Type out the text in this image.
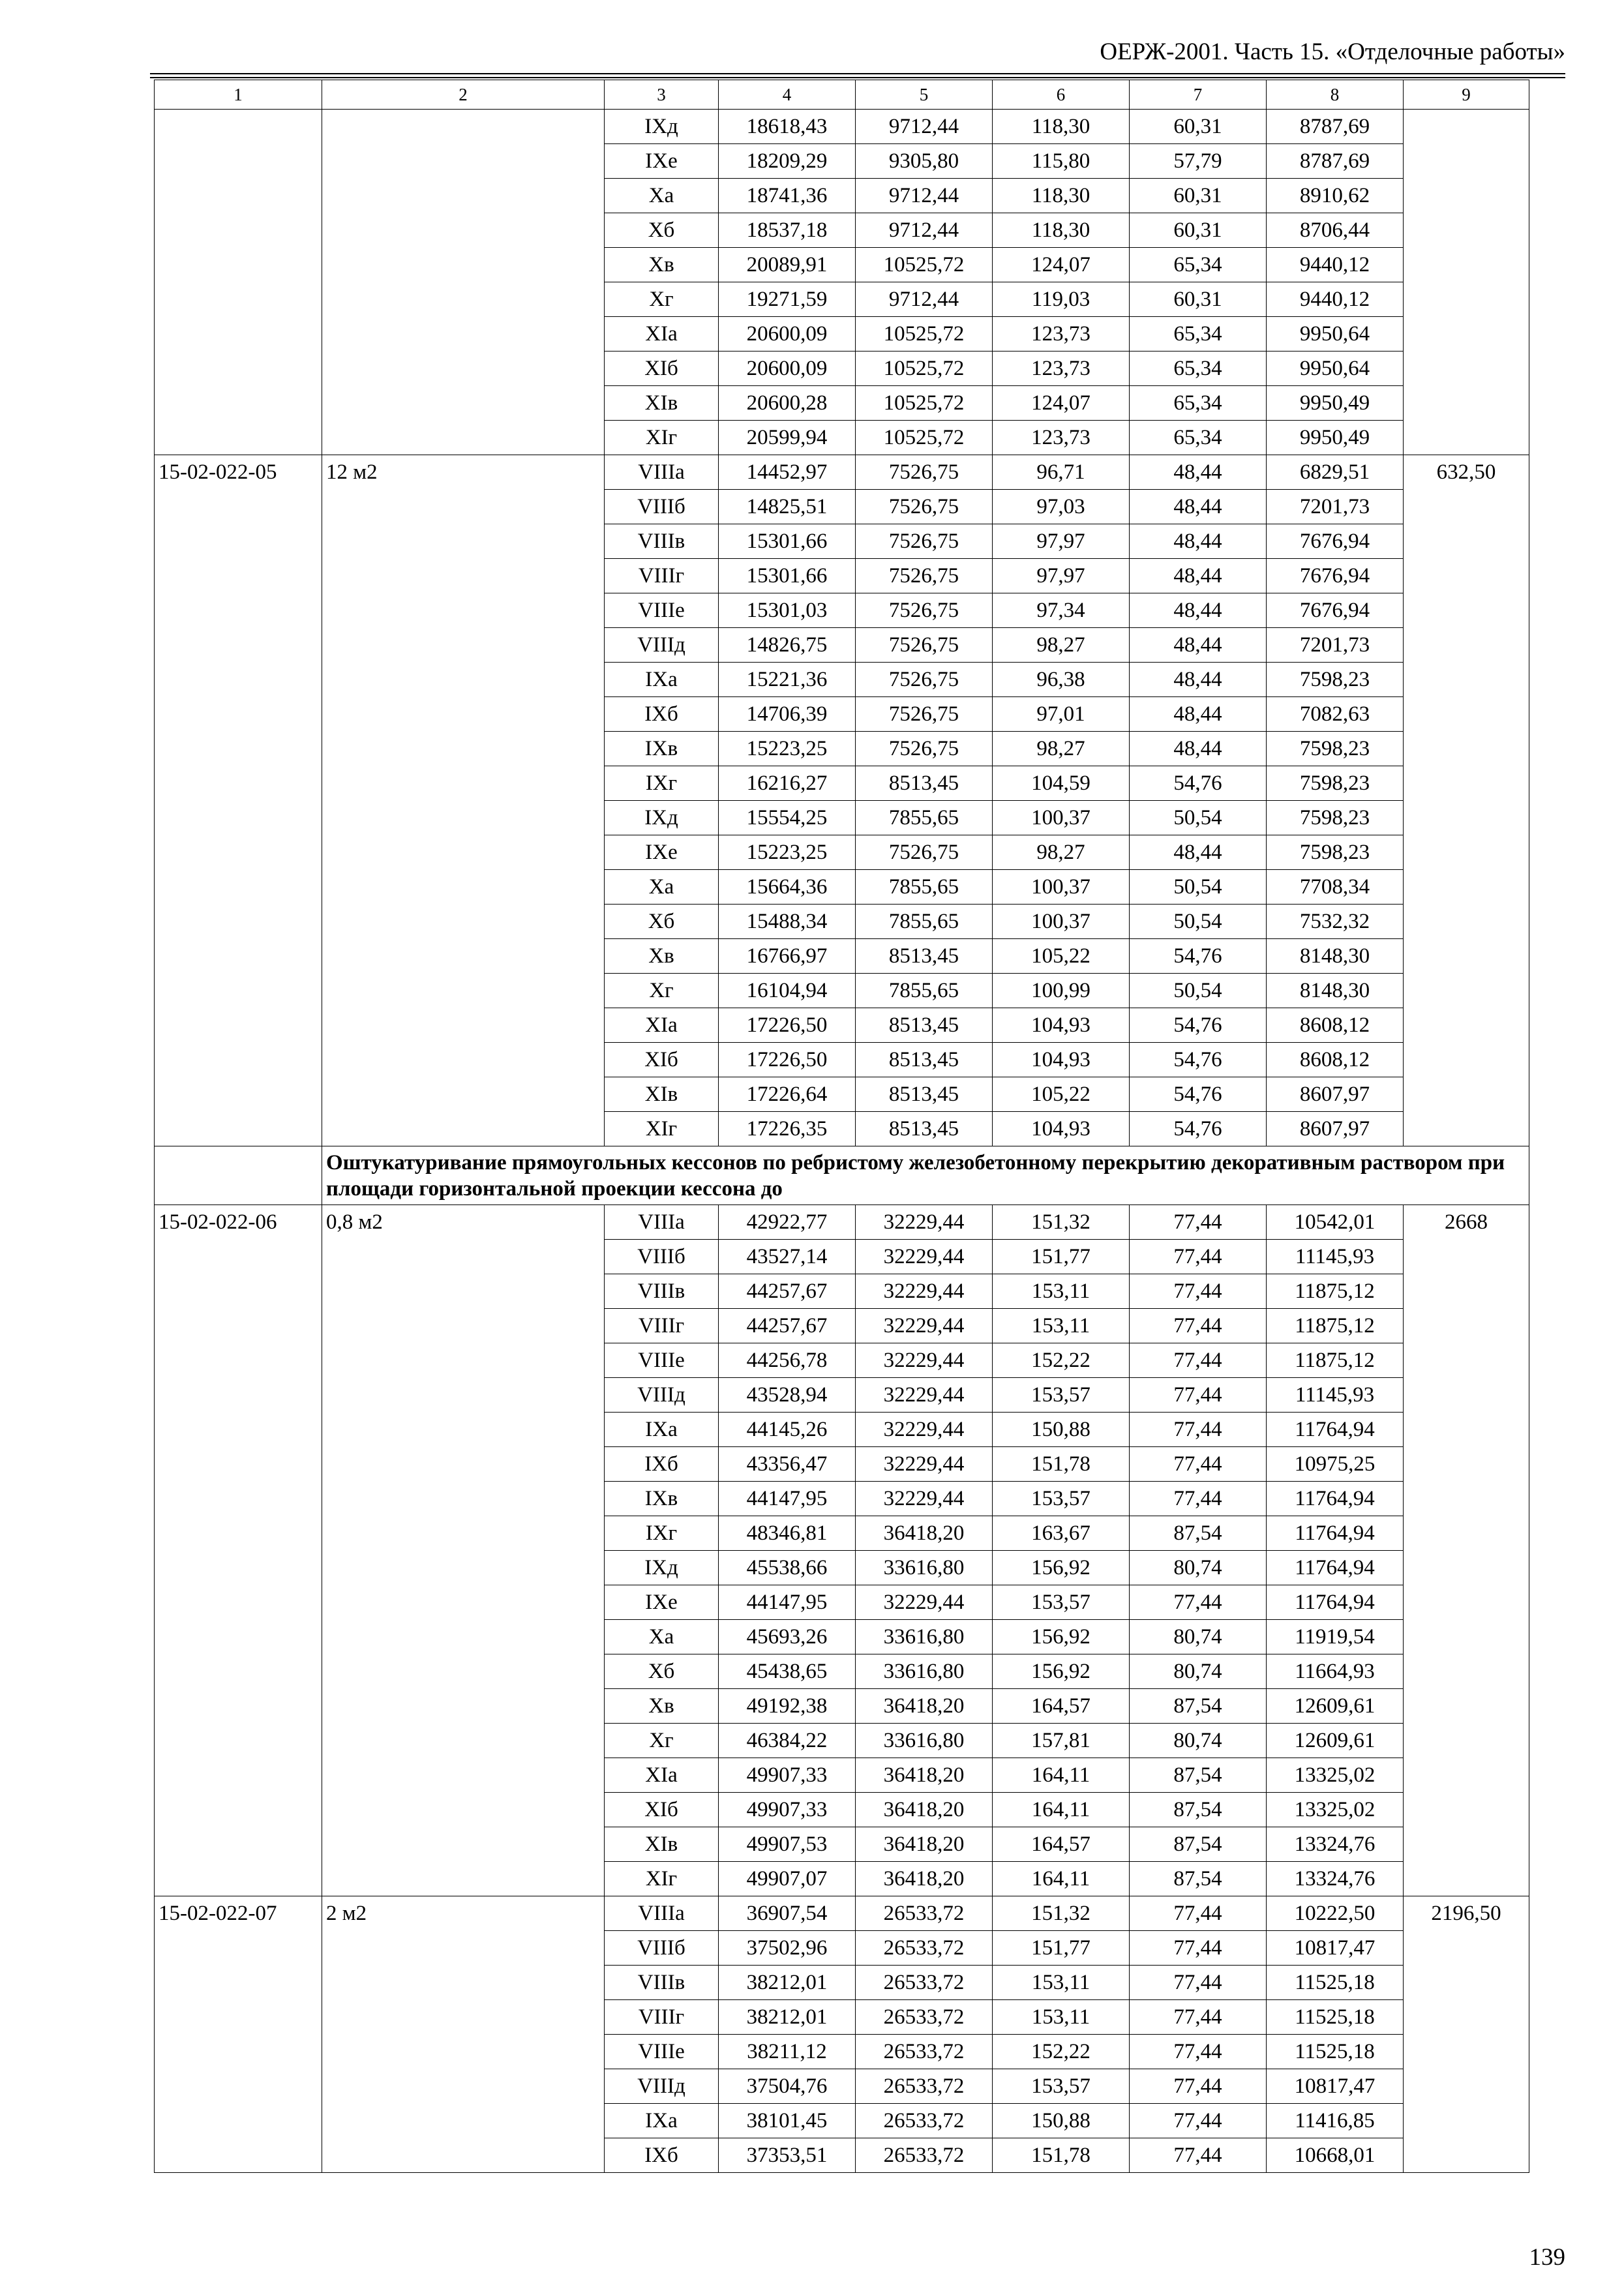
ОЕРЖ-2001. Часть 15. «Отделочные работы»
1	2	3	4	5	6	7	8	9
		IXд	18618,43	9712,44	118,30	60,31	8787,69	
		IXе	18209,29	9305,80	115,80	57,79	8787,69	
		Xа	18741,36	9712,44	118,30	60,31	8910,62	
		Xб	18537,18	9712,44	118,30	60,31	8706,44	
		Xв	20089,91	10525,72	124,07	65,34	9440,12	
		Xг	19271,59	9712,44	119,03	60,31	9440,12	
		XIа	20600,09	10525,72	123,73	65,34	9950,64	
		XIб	20600,09	10525,72	123,73	65,34	9950,64	
		XIв	20600,28	10525,72	124,07	65,34	9950,49	
		XIг	20599,94	10525,72	123,73	65,34	9950,49	
15-02-022-05	12 м2	VIIIа	14452,97	7526,75	96,71	48,44	6829,51	632,50
		VIIIб	14825,51	7526,75	97,03	48,44	7201,73	
		VIIIв	15301,66	7526,75	97,97	48,44	7676,94	
		VIIIг	15301,66	7526,75	97,97	48,44	7676,94	
		VIIIе	15301,03	7526,75	97,34	48,44	7676,94	
		VIIIд	14826,75	7526,75	98,27	48,44	7201,73	
		IXа	15221,36	7526,75	96,38	48,44	7598,23	
		IXб	14706,39	7526,75	97,01	48,44	7082,63	
		IXв	15223,25	7526,75	98,27	48,44	7598,23	
		IXг	16216,27	8513,45	104,59	54,76	7598,23	
		IXд	15554,25	7855,65	100,37	50,54	7598,23	
		IXе	15223,25	7526,75	98,27	48,44	7598,23	
		Xа	15664,36	7855,65	100,37	50,54	7708,34	
		Xб	15488,34	7855,65	100,37	50,54	7532,32	
		Xв	16766,97	8513,45	105,22	54,76	8148,30	
		Xг	16104,94	7855,65	100,99	50,54	8148,30	
		XIа	17226,50	8513,45	104,93	54,76	8608,12	
		XIб	17226,50	8513,45	104,93	54,76	8608,12	
		XIв	17226,64	8513,45	105,22	54,76	8607,97	
		XIг	17226,35	8513,45	104,93	54,76	8607,97	
	Оштукатуривание прямоугольных кессонов по ребристому железобетонному перекрытию декоративным раствором при площади горизонтальной проекции кессона до							
15-02-022-06	0,8 м2	VIIIа	42922,77	32229,44	151,32	77,44	10542,01	2668
		VIIIб	43527,14	32229,44	151,77	77,44	11145,93	
		VIIIв	44257,67	32229,44	153,11	77,44	11875,12	
		VIIIг	44257,67	32229,44	153,11	77,44	11875,12	
		VIIIе	44256,78	32229,44	152,22	77,44	11875,12	
		VIIIд	43528,94	32229,44	153,57	77,44	11145,93	
		IXа	44145,26	32229,44	150,88	77,44	11764,94	
		IXб	43356,47	32229,44	151,78	77,44	10975,25	
		IXв	44147,95	32229,44	153,57	77,44	11764,94	
		IXг	48346,81	36418,20	163,67	87,54	11764,94	
		IXд	45538,66	33616,80	156,92	80,74	11764,94	
		IXе	44147,95	32229,44	153,57	77,44	11764,94	
		Xа	45693,26	33616,80	156,92	80,74	11919,54	
		Xб	45438,65	33616,80	156,92	80,74	11664,93	
		Xв	49192,38	36418,20	164,57	87,54	12609,61	
		Xг	46384,22	33616,80	157,81	80,74	12609,61	
		XIа	49907,33	36418,20	164,11	87,54	13325,02	
		XIб	49907,33	36418,20	164,11	87,54	13325,02	
		XIв	49907,53	36418,20	164,57	87,54	13324,76	
		XIг	49907,07	36418,20	164,11	87,54	13324,76	
15-02-022-07	2 м2	VIIIа	36907,54	26533,72	151,32	77,44	10222,50	2196,50
		VIIIб	37502,96	26533,72	151,77	77,44	10817,47	
		VIIIв	38212,01	26533,72	153,11	77,44	11525,18	
		VIIIг	38212,01	26533,72	153,11	77,44	11525,18	
		VIIIе	38211,12	26533,72	152,22	77,44	11525,18	
		VIIIд	37504,76	26533,72	153,57	77,44	10817,47	
		IXа	38101,45	26533,72	150,88	77,44	11416,85	
		IXб	37353,51	26533,72	151,78	77,44	10668,01	
139
